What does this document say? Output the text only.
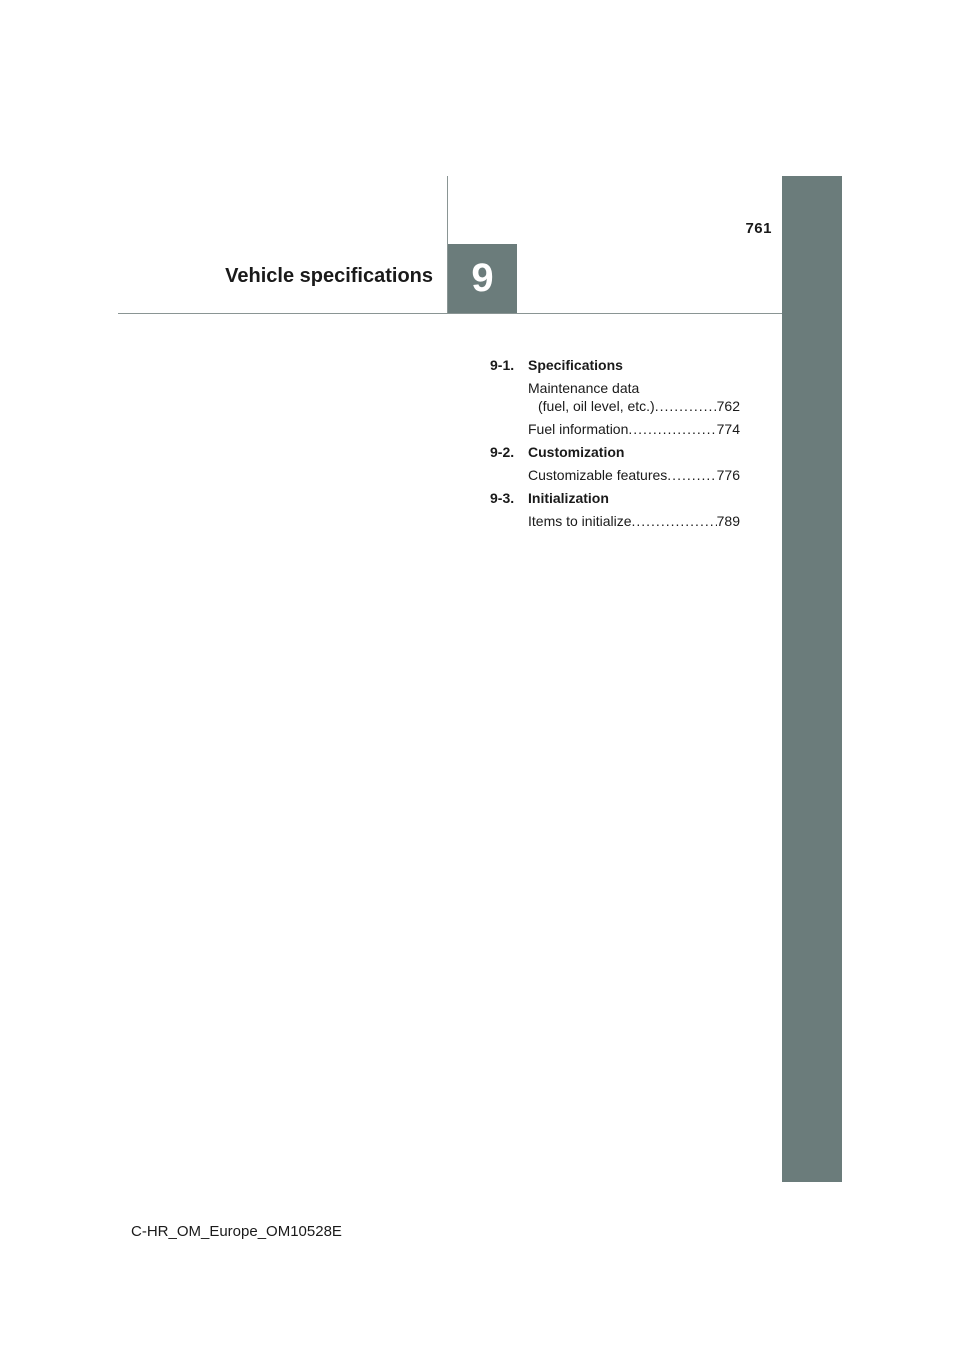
761
Vehicle specifications 9
9-1. Specifications
Maintenance data
(fuel, oil level, etc.) .....	762
Fuel information .....	774
9-2. Customization
Customizable features .....	776
9-3. Initialization
Items to initialize .....	789
C-HR_OM_Europe_OM10528E
